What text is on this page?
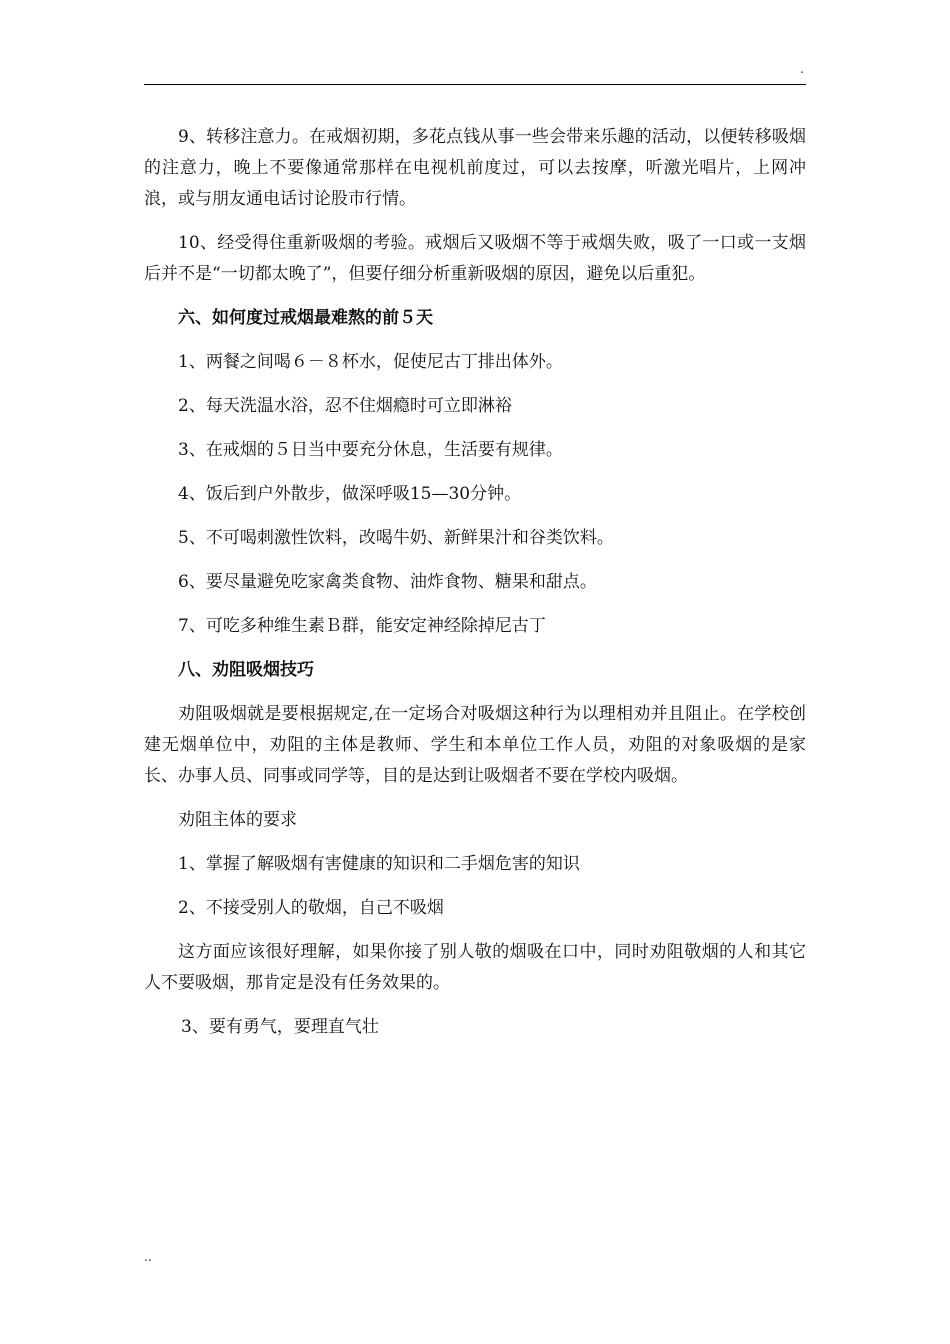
.

9、转移注意力。在戒烟初期，多花点钱从事一些会带来乐趣的活动，以便转移吸烟的注意力，晚上不要像通常那样在电视机前度过，可以去按摩，听激光唱片，上网冲浪，或与朋友通电话讨论股市行情。

10、经受得住重新吸烟的考验。戒烟后又吸烟不等于戒烟失败，吸了一口或一支烟后并不是“一切都太晚了”，但要仔细分析重新吸烟的原因，避免以后重犯。

六、如何度过戒烟最难熬的前５天

1、两餐之间喝６－８杯水，促使尼古丁排出体外。

2、每天洗温水浴，忍不住烟瘾时可立即淋裕

3、在戒烟的５日当中要充分休息，生活要有规律。

4、饭后到户外散步，做深呼吸15—30分钟。

5、不可喝刺激性饮料，改喝牛奶、新鲜果汁和谷类饮料。

6、要尽量避免吃家禽类食物、油炸食物、糖果和甜点。

7、可吃多种维生素Ｂ群，能安定神经除掉尼古丁

八、劝阻吸烟技巧

劝阻吸烟就是要根据规定,在一定场合对吸烟这种行为以理相劝并且阻止。在学校创建无烟单位中，劝阻的主体是教师、学生和本单位工作人员，劝阻的对象吸烟的是家长、办事人员、同事或同学等，目的是达到让吸烟者不要在学校内吸烟。

劝阻主体的要求

1、掌握了解吸烟有害健康的知识和二手烟危害的知识

2、不接受别人的敬烟，自己不吸烟

这方面应该很好理解，如果你接了别人敬的烟吸在口中，同时劝阻敬烟的人和其它人不要吸烟，那肯定是没有任务效果的。

3、要有勇气，要理直气壮

..
